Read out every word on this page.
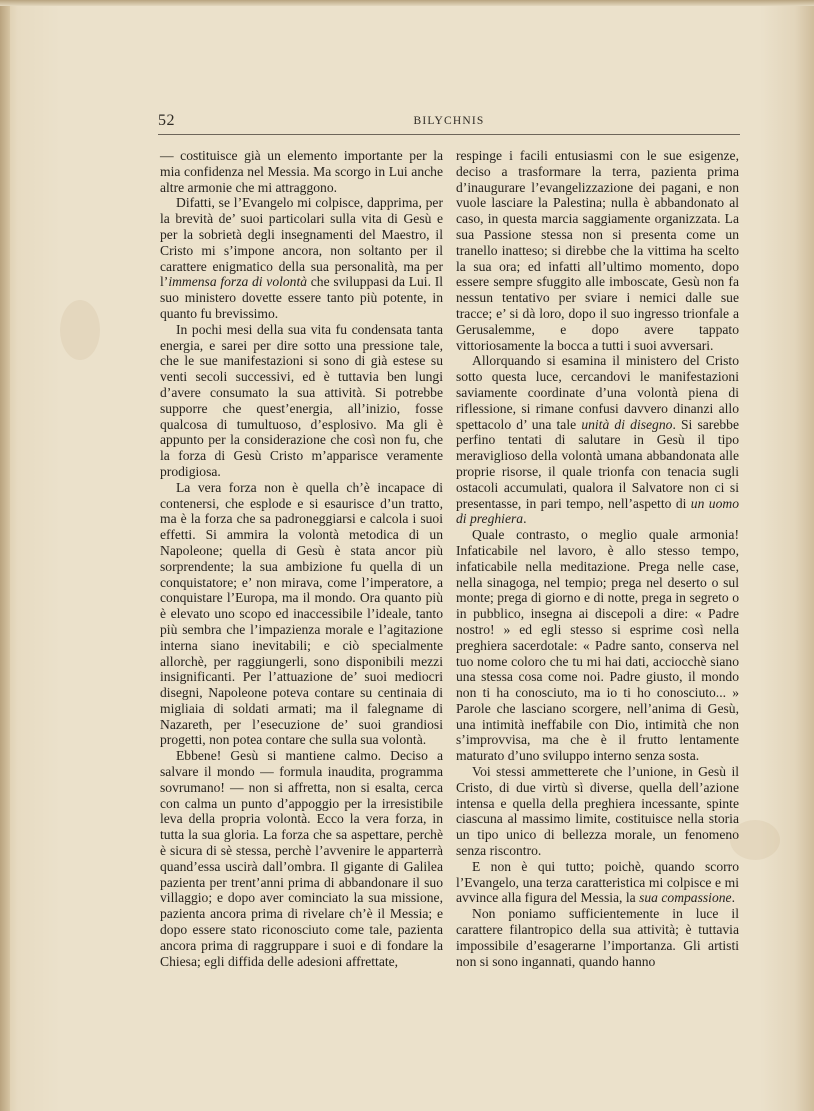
52	BILYCHNIS

— costituisce già un elemento importante per la mia confidenza nel Messia. Ma scorgo in Lui anche altre armonie che mi attraggono.

Difatti, se l’Evangelo mi colpisce, dapprima, per la brevità de’ suoi particolari sulla vita di Gesù e per la sobrietà degli insegnamenti del Maestro, il Cristo mi s’impone ancora, non soltanto per il carattere enigmatico della sua personalità, ma per l’immensa forza di volontà che sviluppasi da Lui. Il suo ministero dovette essere tanto più potente, in quanto fu brevissimo.

In pochi mesi della sua vita fu condensata tanta energia, e sarei per dire sotto una pressione tale, che le sue manifestazioni si sono di già estese su venti secoli successivi, ed è tuttavia ben lungi d’avere consumato la sua attività. Si potrebbe supporre che quest’energia, all’inizio, fosse qualcosa di tumultuoso, d’esplosivo. Ma gli è appunto per la considerazione che così non fu, che la forza di Gesù Cristo m’apparisce veramente prodigiosa.

La vera forza non è quella ch’è incapace di contenersi, che esplode e si esaurisce d’un tratto, ma è la forza che sa padroneggiarsi e calcola i suoi effetti. Si ammira la volontà metodica di un Napoleone; quella di Gesù è stata ancor più sorprendente; la sua ambizione fu quella di un conquistatore; e’ non mirava, come l’imperatore, a conquistare l’Europa, ma il mondo. Ora quanto più è elevato uno scopo ed inaccessibile l’ideale, tanto più sembra che l’impazienza morale e l’agitazione interna siano inevitabili; e ciò specialmente allorchè, per raggiungerli, sono disponibili mezzi insignificanti. Per l’attuazione de’ suoi mediocri disegni, Napoleone poteva contare su centinaia di migliaia di soldati armati; ma il falegname di Nazareth, per l’esecuzione de’ suoi grandiosi progetti, non potea contare che sulla sua volontà.

Ebbene! Gesù si mantiene calmo. Deciso a salvare il mondo — formula inaudita, programma sovrumano! — non si affretta, non si esalta, cerca con calma un punto d’appoggio per la irresistibile leva della propria volontà. Ecco la vera forza, in tutta la sua gloria. La forza che sa aspettare, perchè è sicura di sè stessa, perchè l’avvenire le apparterrà quand’essa uscirà dall’ombra. Il gigante di Galilea pazienta per trent’anni prima di abbandonare il suo villaggio; e dopo aver cominciato la sua missione, pazienta ancora prima di rivelare ch’è il Messia; e dopo essere stato riconosciuto come tale, pazienta ancora prima di raggruppare i suoi e di fondare la Chiesa; egli diffida delle adesioni affrettate,

respinge i facili entusiasmi con le sue esigenze, deciso a trasformare la terra, pazienta prima d’inaugurare l’evangelizzazione dei pagani, e non vuole lasciare la Palestina; nulla è abbandonato al caso, in questa marcia saggiamente organizzata. La sua Passione stessa non si presenta come un tranello inatteso; si direbbe che la vittima ha scelto la sua ora; ed infatti all’ultimo momento, dopo essere sempre sfuggito alle imboscate, Gesù non fa nessun tentativo per sviare i nemici dalle sue tracce; e’ si dà loro, dopo il suo ingresso trionfale a Gerusalemme, e dopo avere tappato vittoriosamente la bocca a tutti i suoi avversari.

Allorquando si esamina il ministero del Cristo sotto questa luce, cercandovi le manifestazioni saviamente coordinate d’una volontà piena di riflessione, si rimane confusi davvero dinanzi allo spettacolo d’ una tale unità di disegno. Si sarebbe perfino tentati di salutare in Gesù il tipo meraviglioso della volontà umana abbandonata alle proprie risorse, il quale trionfa con tenacia sugli ostacoli accumulati, qualora il Salvatore non ci si presentasse, in pari tempo, nell’aspetto di un uomo di preghiera.

Quale contrasto, o meglio quale armonia! Infaticabile nel lavoro, è allo stesso tempo, infaticabile nella meditazione. Prega nelle case, nella sinagoga, nel tempio; prega nel deserto o sul monte; prega di giorno e di notte, prega in segreto o in pubblico, insegna ai discepoli a dire: « Padre nostro! » ed egli stesso si esprime così nella preghiera sacerdotale: « Padre santo, conserva nel tuo nome coloro che tu mi hai dati, acciocchè siano una stessa cosa come noi. Padre giusto, il mondo non ti ha conosciuto, ma io ti ho conosciuto... » Parole che lasciano scorgere, nell’anima di Gesù, una intimità ineffabile con Dio, intimità che non s’improvvisa, ma che è il frutto lentamente maturato d’uno sviluppo interno senza sosta.

Voi stessi ammetterete che l’unione, in Gesù il Cristo, di due virtù sì diverse, quella dell’azione intensa e quella della preghiera incessante, spinte ciascuna al massimo limite, costituisce nella storia un tipo unico di bellezza morale, un fenomeno senza riscontro.

E non è qui tutto; poichè, quando scorro l’Evangelo, una terza caratteristica mi colpisce e mi avvince alla figura del Messia, la sua compassione.

Non poniamo sufficientemente in luce il carattere filantropico della sua attività; è tuttavia impossibile d’esagerarne l’importanza. Gli artisti non si sono ingannati, quando hanno
